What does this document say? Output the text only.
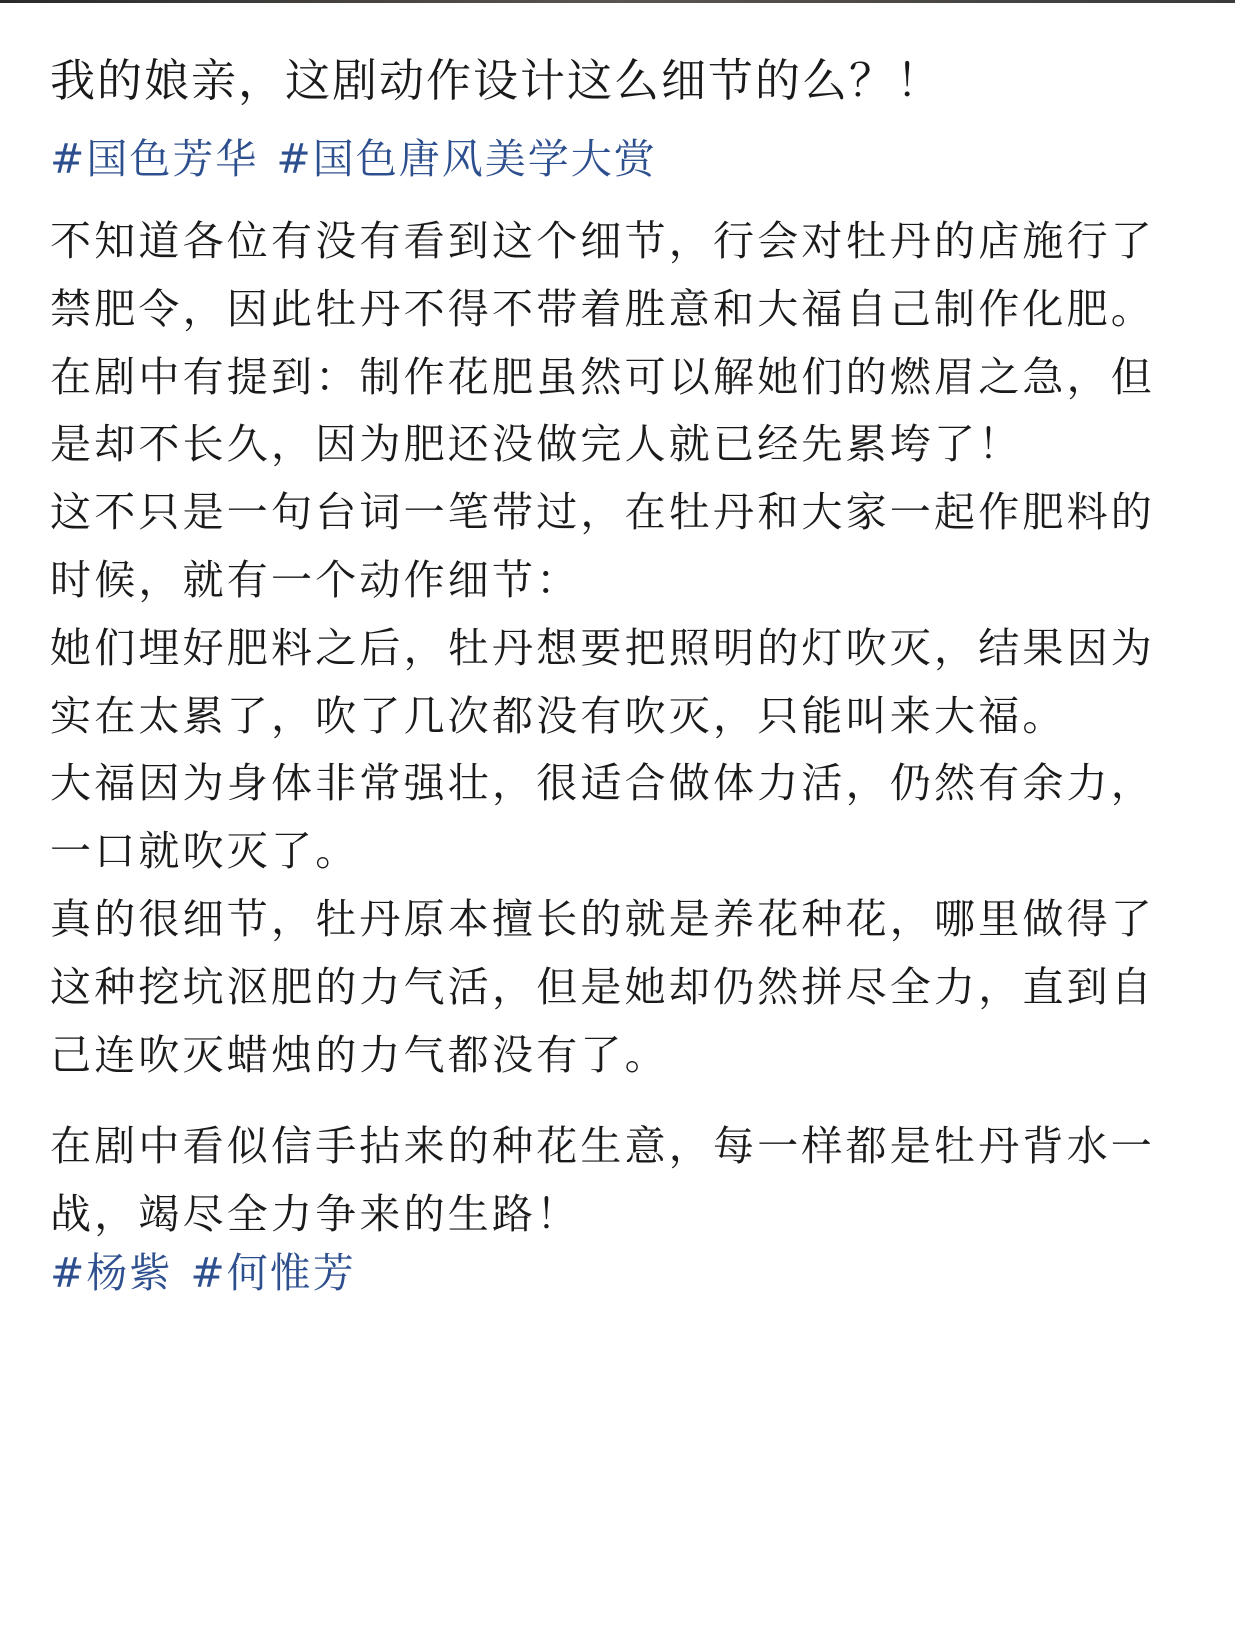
我的娘亲，这剧动作设计这么细节的么？！
#国色芳华 #国色唐风美学大赏

不知道各位有没有看到这个细节，行会对牡丹的店施行了禁肥令，因此牡丹不得不带着胜意和大福自己制作化肥。

在剧中有提到：制作花肥虽然可以解她们的燃眉之急，但是却不长久，因为肥还没做完人就已经先累垮了！

这不只是一句台词一笔带过，在牡丹和大家一起作肥料的时候，就有一个动作细节：

她们埋好肥料之后，牡丹想要把照明的灯吹灭，结果因为实在太累了，吹了几次都没有吹灭，只能叫来大福。

大福因为身体非常强壮，很适合做体力活，仍然有余力，一口就吹灭了。

真的很细节，牡丹原本擅长的就是养花种花，哪里做得了这种挖坑沤肥的力气活，但是她却仍然拼尽全力，直到自己连吹灭蜡烛的力气都没有了。

在剧中看似信手拈来的种花生意，每一样都是牡丹背水一战，竭尽全力争来的生路！

#杨紫 #何惟芳
